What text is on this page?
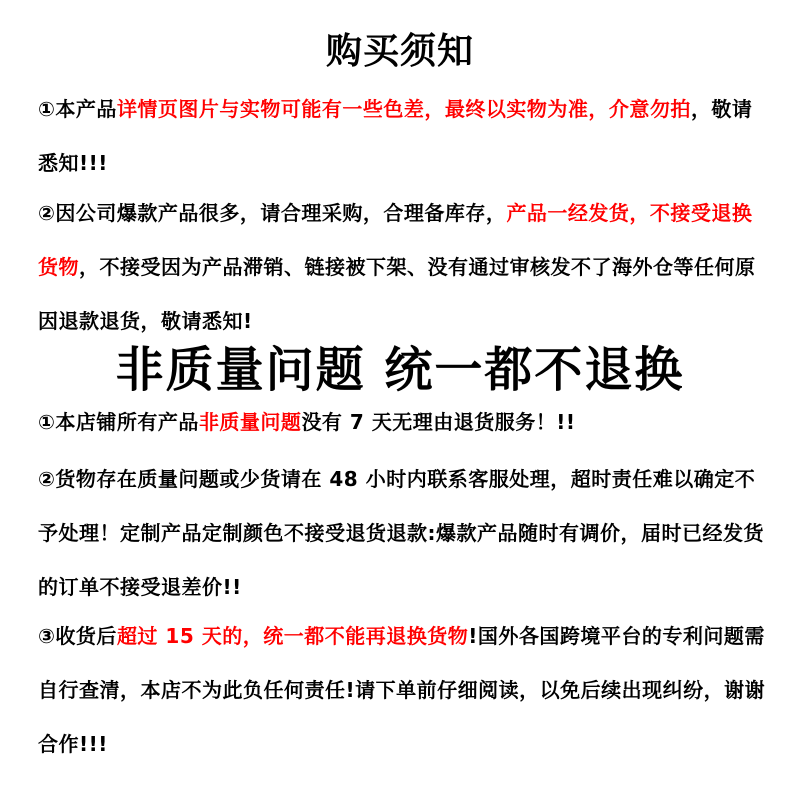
购买须知
①本产品详情页图片与实物可能有一些色差，最终以实物为准，介意勿拍，敬请悉知!!!
②因公司爆款产品很多，请合理采购，合理备库存，产品一经发货，不接受退换货物，不接受因为产品滞销、链接被下架、没有通过审核发不了海外仓等任何原因退款退货，敬请悉知!
非质量问题 统一都不退换
①本店铺所有产品非质量问题没有 7 天无理由退货服务！!!
②货物存在质量问题或少货请在 48 小时内联系客服处理，超时责任难以确定不予处理！定制产品定制颜色不接受退货退款:爆款产品随时有调价，届时已经发货的订单不接受退差价!!
③收货后超过 15 天的，统一都不能再退换货物!国外各国跨境平台的专利问题需自行查清，本店不为此负任何责任!请下单前仔细阅读，以免后续出现纠纷，谢谢合作!!!
